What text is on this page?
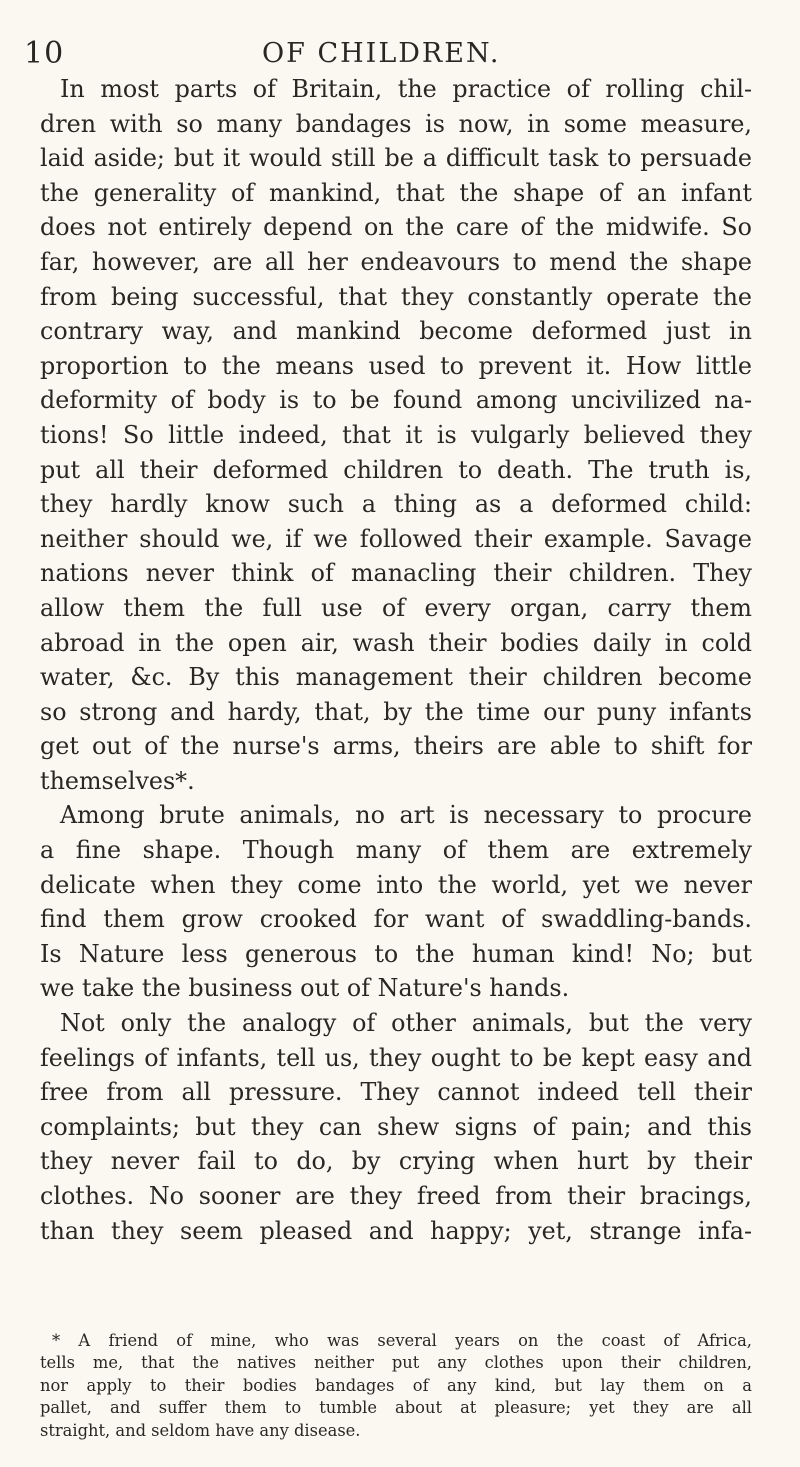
10	OF CHILDREN.
In most parts of Britain, the practice of rolling chil-
dren with so many bandages is now, in some measure,
laid aside; but it would still be a difficult task to persuade
the generality of mankind, that the shape of an infant
does not entirely depend on the care of the midwife. So
far, however, are all her endeavours to mend the shape
from being successful, that they constantly operate the
contrary way, and mankind become deformed just in
proportion to the means used to prevent it. How little
deformity of body is to be found among uncivilized na-
tions! So little indeed, that it is vulgarly believed they
put all their deformed children to death. The truth is,
they hardly know such a thing as a deformed child:
neither should we, if we followed their example. Savage
nations never think of manacling their children. They
allow them the full use of every organ, carry them
abroad in the open air, wash their bodies daily in cold
water, &c. By this management their children become
so strong and hardy, that, by the time our puny infants
get out of the nurse's arms, theirs are able to shift for
themselves*.
Among brute animals, no art is necessary to procure
a fine shape. Though many of them are extremely
delicate when they come into the world, yet we never
find them grow crooked for want of swaddling-bands.
Is Nature less generous to the human kind! No; but
we take the business out of Nature's hands.
Not only the analogy of other animals, but the very
feelings of infants, tell us, they ought to be kept easy and
free from all pressure. They cannot indeed tell their
complaints; but they can shew signs of pain; and this
they never fail to do, by crying when hurt by their
clothes. No sooner are they freed from their bracings,
than they seem pleased and happy; yet, strange infa-
* A friend of mine, who was several years on the coast of Africa,
tells me, that the natives neither put any clothes upon their children,
nor apply to their bodies bandages of any kind, but lay them on a
pallet, and suffer them to tumble about at pleasure; yet they are all
straight, and seldom have any disease.
